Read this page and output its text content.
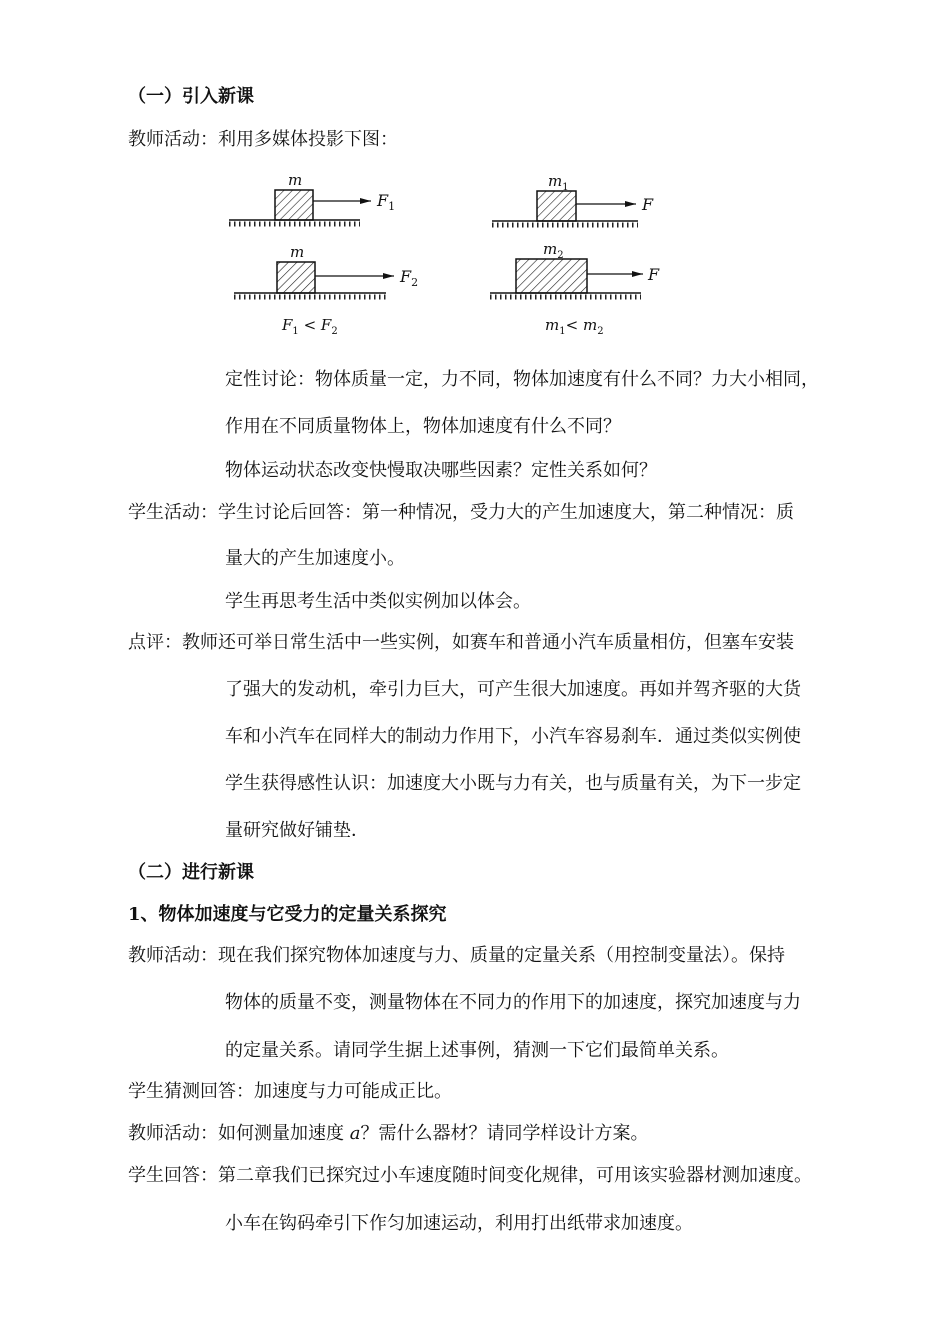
（一）引入新课
教师活动：利用多媒体投影下图：
m
$F_1$
m
$F_2$
$F_1 < F_2$
$m_1$
F
$m_2$
F
$m_1< m_2$
定性讨论：物体质量一定，力不同，物体加速度有什么不同？力大小相同，
作用在不同质量物体上，物体加速度有什么不同？
物体运动状态改变快慢取决哪些因素？定性关系如何？
学生活动：学生讨论后回答：第一种情况，受力大的产生加速度大，第二种情况：质
量大的产生加速度小。
学生再思考生活中类似实例加以体会。
点评：教师还可举日常生活中一些实例，如赛车和普通小汽车质量相仿，但塞车安装
了强大的发动机，牵引力巨大，可产生很大加速度。再如并驾齐驱的大货
车和小汽车在同样大的制动力作用下，小汽车容易刹车．通过类似实例使
学生获得感性认识：加速度大小既与力有关，也与质量有关，为下一步定
量研究做好铺垫．
（二）进行新课
1、物体加速度与它受力的定量关系探究
教师活动：现在我们探究物体加速度与力、质量的定量关系（用控制变量法）。保持
物体的质量不变，测量物体在不同力的作用下的加速度，探究加速度与力
的定量关系。请同学生据上述事例，猜测一下它们最简单关系。
学生猜测回答：加速度与力可能成正比。
教师活动：如何测量加速度 a？需什么器材？请同学样设计方案。
学生回答：第二章我们已探究过小车速度随时间变化规律，可用该实验器材测加速度。
小车在钩码牵引下作匀加速运动，利用打出纸带求加速度。
